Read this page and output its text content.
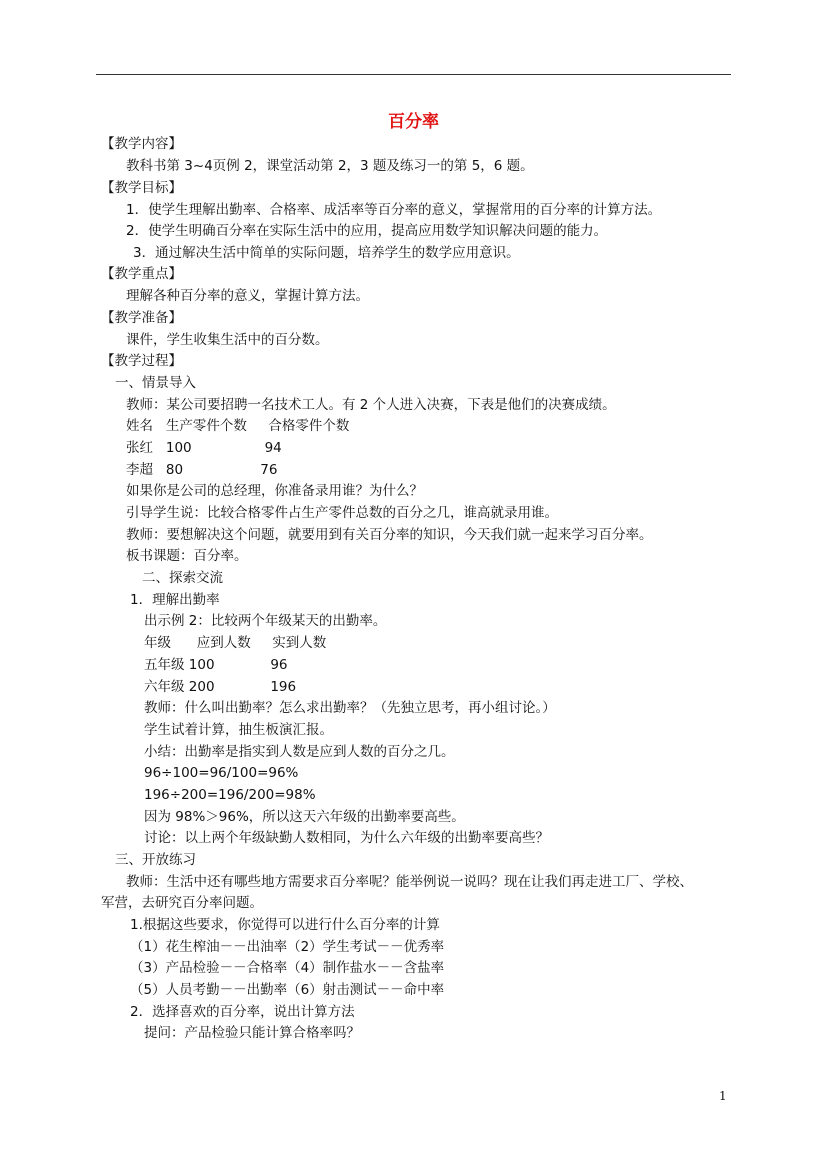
百分率
【教学内容】
教科书第 3~4页例 2，课堂活动第 2，3 题及练习一的第 5，6 题。
【教学目标】
1．使学生理解出勤率、合格率、成活率等百分率的意义，掌握常用的百分率的计算方法。
2．使学生明确百分率在实际生活中的应用，提高应用数学知识解决问题的能力。
3．通过解决生活中简单的实际问题，培养学生的数学应用意识。
【教学重点】
理解各种百分率的意义，掌握计算方法。
【教学准备】
课件，学生收集生活中的百分数。
【教学过程】
一、情景导入
教师：某公司要招聘一名技术工人。有 2 个人进入决赛，下表是他们的决赛成绩。
姓名   生产零件个数     合格零件个数
张红   100                 94
李超   80                  76
如果你是公司的总经理，你准备录用谁？为什么？
引导学生说：比较合格零件占生产零件总数的百分之几，谁高就录用谁。
教师：要想解决这个问题，就要用到有关百分率的知识，今天我们就一起来学习百分率。
板书课题：百分率。
二、探索交流
1．理解出勤率
出示例 2：比较两个年级某天的出勤率。
年级      应到人数     实到人数
五年级 100             96
六年级 200             196
教师：什么叫出勤率？怎么求出勤率？（先独立思考，再小组讨论。）
学生试着计算，抽生板演汇报。
小结：出勤率是指实到人数是应到人数的百分之几。
96÷100=96/100=96%
196÷200=196/200=98%
因为 98%＞96%，所以这天六年级的出勤率要高些。
讨论：以上两个年级缺勤人数相同，为什么六年级的出勤率要高些？
三、开放练习
教师：生活中还有哪些地方需要求百分率呢？能举例说一说吗？现在让我们再走进工厂、学校、
军营，去研究百分率问题。
1.根据这些要求，你觉得可以进行什么百分率的计算
（1）花生榨油－－出油率（2）学生考试－－优秀率
（3）产品检验－－合格率（4）制作盐水－－含盐率
（5）人员考勤－－出勤率（6）射击测试－－命中率
2．选择喜欢的百分率，说出计算方法
提问：产品检验只能计算合格率吗？
1
